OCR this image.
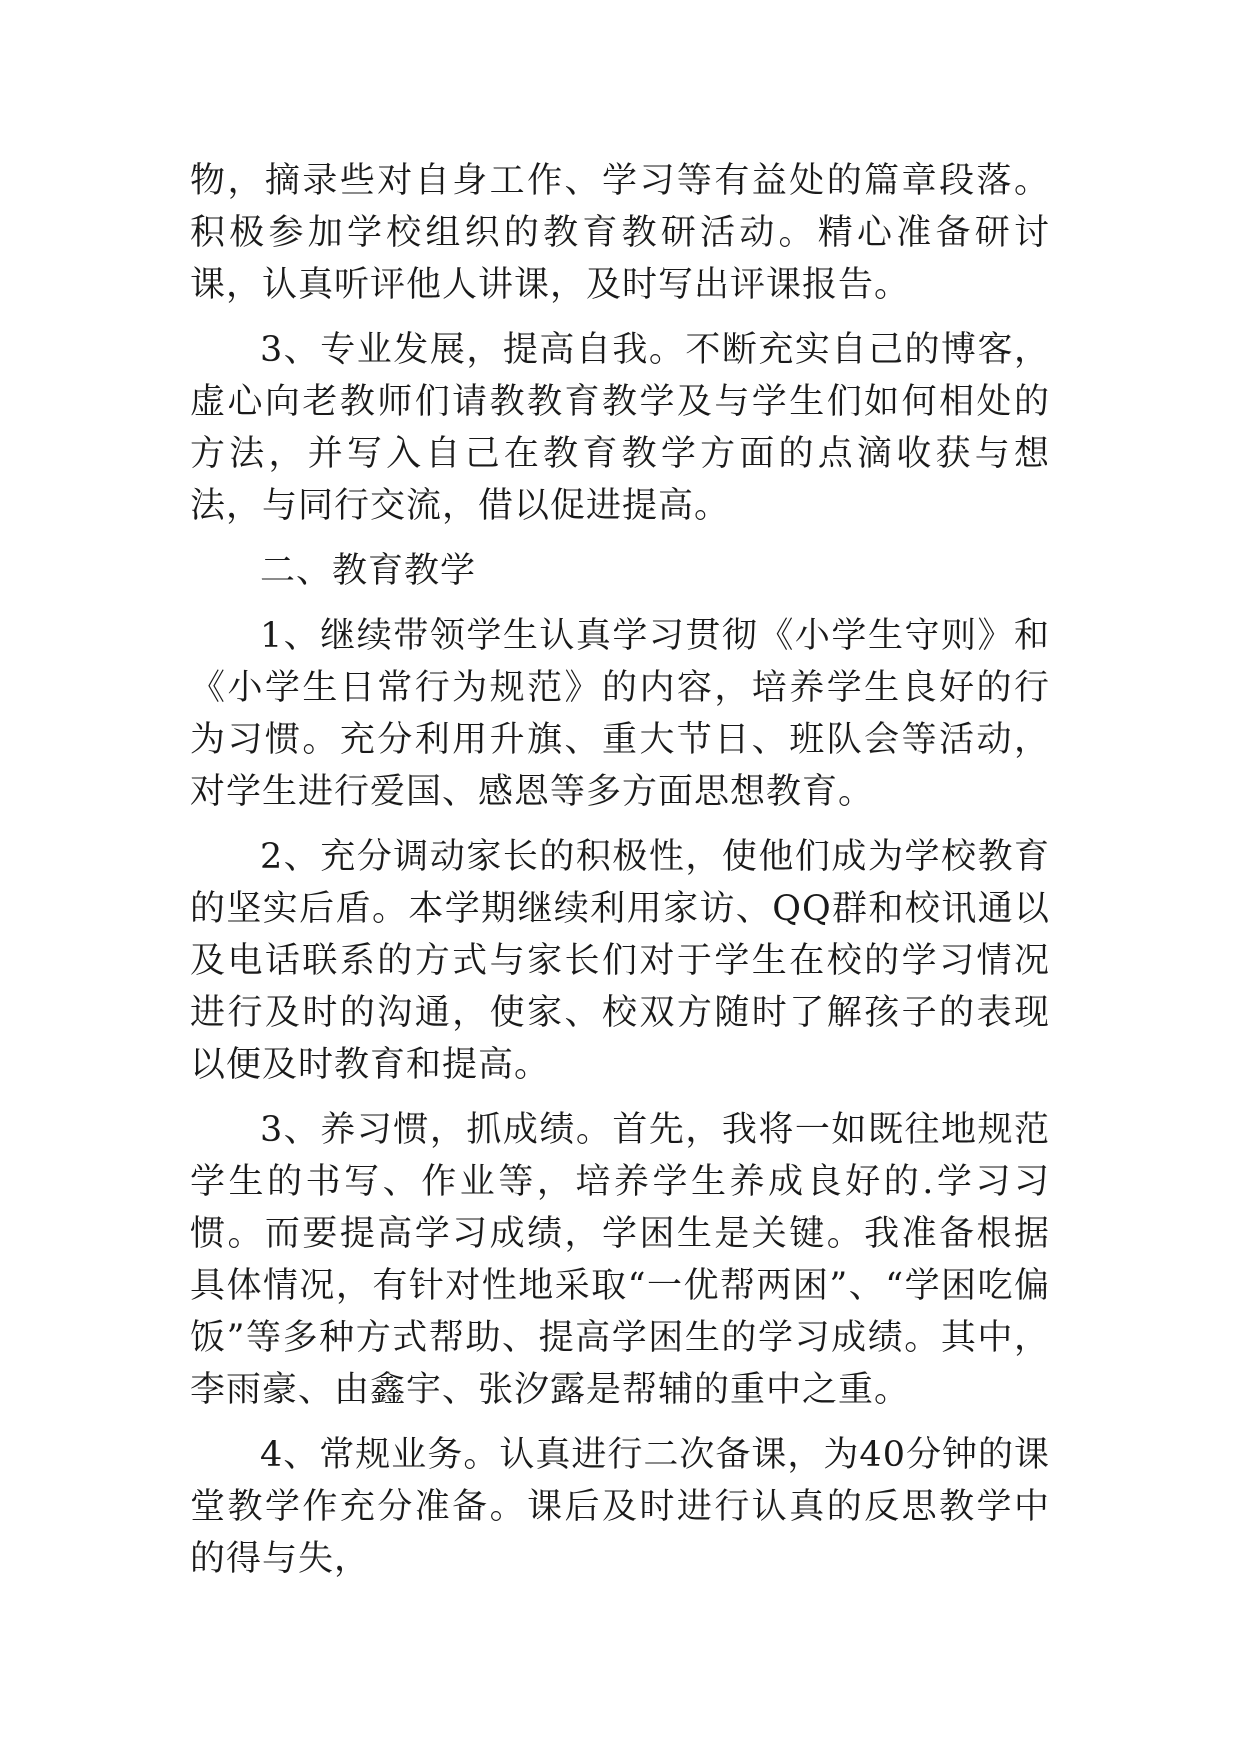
物，摘录些对自身工作、学习等有益处的篇章段落。积极参加学校组织的教育教研活动。精心准备研讨课，认真听评他人讲课，及时写出评课报告。

3、专业发展，提高自我。不断充实自己的博客，虚心向老教师们请教教育教学及与学生们如何相处的方法，并写入自己在教育教学方面的点滴收获与想法，与同行交流，借以促进提高。

二、教育教学

1、继续带领学生认真学习贯彻《小学生守则》和《小学生日常行为规范》的内容，培养学生良好的行为习惯。充分利用升旗、重大节日、班队会等活动，对学生进行爱国、感恩等多方面思想教育。

2、充分调动家长的积极性，使他们成为学校教育的坚实后盾。本学期继续利用家访、QQ群和校讯通以及电话联系的方式与家长们对于学生在校的学习情况进行及时的沟通，使家、校双方随时了解孩子的表现以便及时教育和提高。

3、养习惯，抓成绩。首先，我将一如既往地规范学生的书写、作业等，培养学生养成良好的.学习习惯。而要提高学习成绩，学困生是关键。我准备根据具体情况，有针对性地采取“一优帮两困”、“学困吃偏饭”等多种方式帮助、提高学困生的学习成绩。其中，李雨豪、由鑫宇、张汐露是帮辅的重中之重。

4、常规业务。认真进行二次备课，为40分钟的课堂教学作充分准备。课后及时进行认真的反思教学中的得与失，
